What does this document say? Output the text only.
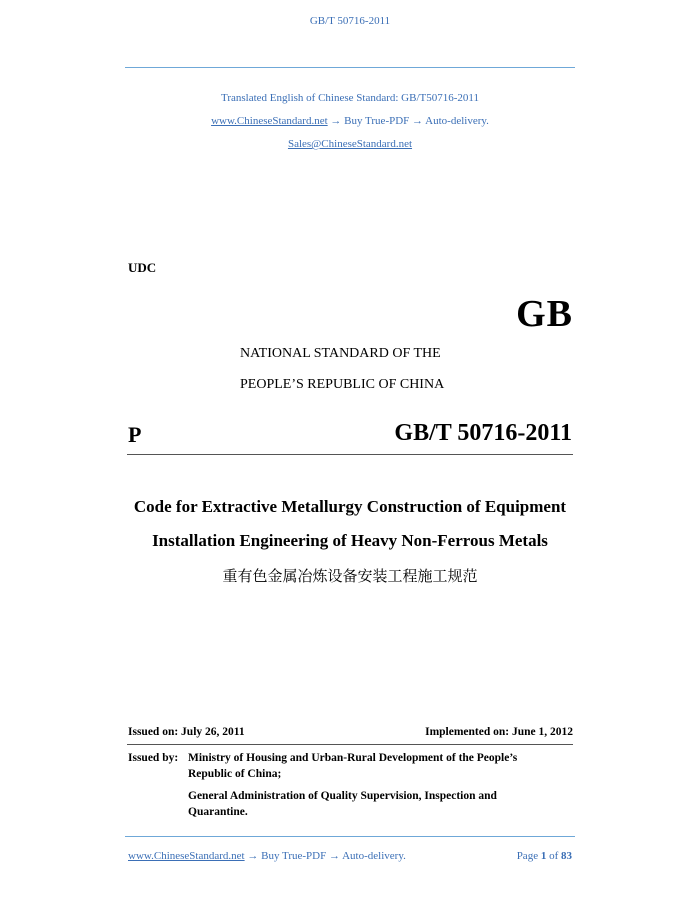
GB/T 50716-2011
Translated English of Chinese Standard: GB/T50716-2011
www.ChineseStandard.net → Buy True-PDF → Auto-delivery.
Sales@ChineseStandard.net
UDC
GB
NATIONAL STANDARD OF THE
PEOPLE’S REPUBLIC OF CHINA
P	GB/T 50716-2011
Code for Extractive Metallurgy Construction of Equipment
Installation Engineering of Heavy Non-Ferrous Metals
重有色金属冶炼设备安装工程施工规范
Issued on: July 26, 2011	Implemented on: June 1, 2012
Issued by: Ministry of Housing and Urban-Rural Development of the People’s
Republic of China;
General Administration of Quality Supervision, Inspection and
Quarantine.
www.ChineseStandard.net → Buy True-PDF → Auto-delivery.	Page 1 of 83
